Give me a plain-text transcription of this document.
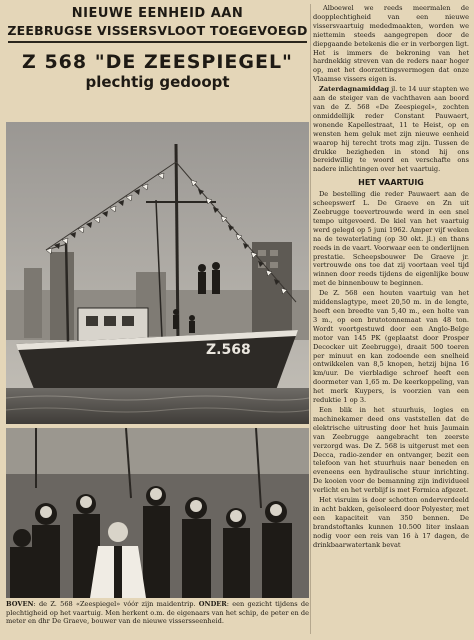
NIEUWE EENHEID AAN

ZEEBRUGSE VISSERSVLOOT TOEGEVOEGD

Z 568 "DE ZEESPIEGEL"

plechtig gedoopt

Z.568
BOVEN: de Z. 568 «Zeespiegel» vóór zijn maidentrip. ONDER: een gezicht tijdens de plechtigheid op het vaartuig. Men herkent o.m. de eigenaars van het schip, de peter en de meter en dhr De Graeve, bouwer van de nieuwe vissersseenheid.

Alboewel we reeds meermalen de doopplechtigheid van een nieuwe vissersvaartuig mededmaakten, worden we niettemin steeds aangegrepen door de diepgaande betekenis die er in verborgen ligt. Het is immers de bekroning van het hardnekkig streven van de reders naar hoger op, met het doorzettingsvermogen dat onze Vlaamse vissers eigen is.

Zaterdagnamiddag jl. te 14 uur stapten we aan de steiger van de vachthaven aan boord van de Z. 568 «De Zeespiegel», zochten onmiddellijk reder Constant Pauwaert, wonende Kapellestraat, 11 te Heist, op en wensten hem geluk met zijn nieuwe eenheid waarop hij terecht trots mag zijn. Tussen de drukke bezigheden in stond hij ons bereidwillig te woord en verschafte ons nadere inlichtingen over het vaartuig.

HET VAARTUIG

De bestelling die reder Pauwaert aan de scheepswerf L. De Graeve en Zn uit Zeebrugge toevertrouwde werd in een snel tempo uitgevoerd. De kiel van het vaartuig werd gelegd op 5 juni 1962. Amper vijf weken na de tewaterlating (op 30 okt. jl.) en thans reeds in de vaart. Voorwaar een te onderlijnen prestatie. Scheepsbouwer De Graeve jr. vertrouwde ons toe dat zij voortaan veel tijd winnen door reeds tijdens de eigenlijke bouw met de binnenbouw te beginnen.

De Z. 568 een houten vaartuig van het middenslagtype, meet 20,50 m. in de lengte, heeft een breedte van 5,40 m., een holte van 3 m., op een brutotonnemaat van 48 ton. Wordt voortgestuwd door een Anglo-Belge motor van 145 PK (geplaatst door Prosper Decocker uit Zeebrugge), draait 500 toeren per minuut en kan zodoende een snelheid ontwikkelen van 8,5 knopen, hetzij bijna 16 km/uur. De vierbladige schroef heeft een doormeter van 1,65 m. De keerkoppeling, van het merk Kuypers, is voorzien van een reduktie 1 op 3.

Een blik in het stuurhuis, logies en machinekamer deed ons vaststellen dat de elektrische uitrusting door het huis Jaumain van Zeebrugge aangebracht ten zeerste verzorgd was. De Z. 568 is uitgerust met een Decca, radio-zender en ontvanger, bezit een telefoon van het stuurhuis naar beneden en eveneens een hydraulische stuur inrichting. De kooien voor de bemanning zijn individueel verlicht en het verblijf is met Formica afgezet.

Het visruim is door schotten onderverdeeld in acht bakken, geïsoleerd door Polyester, met een kapaciteit van 350 bennen. De brandstoftanks kunnen 10.500 liter inslaan nodig voor een reis van 16 à 17 dagen, de drinkbaarwatertank bevat
